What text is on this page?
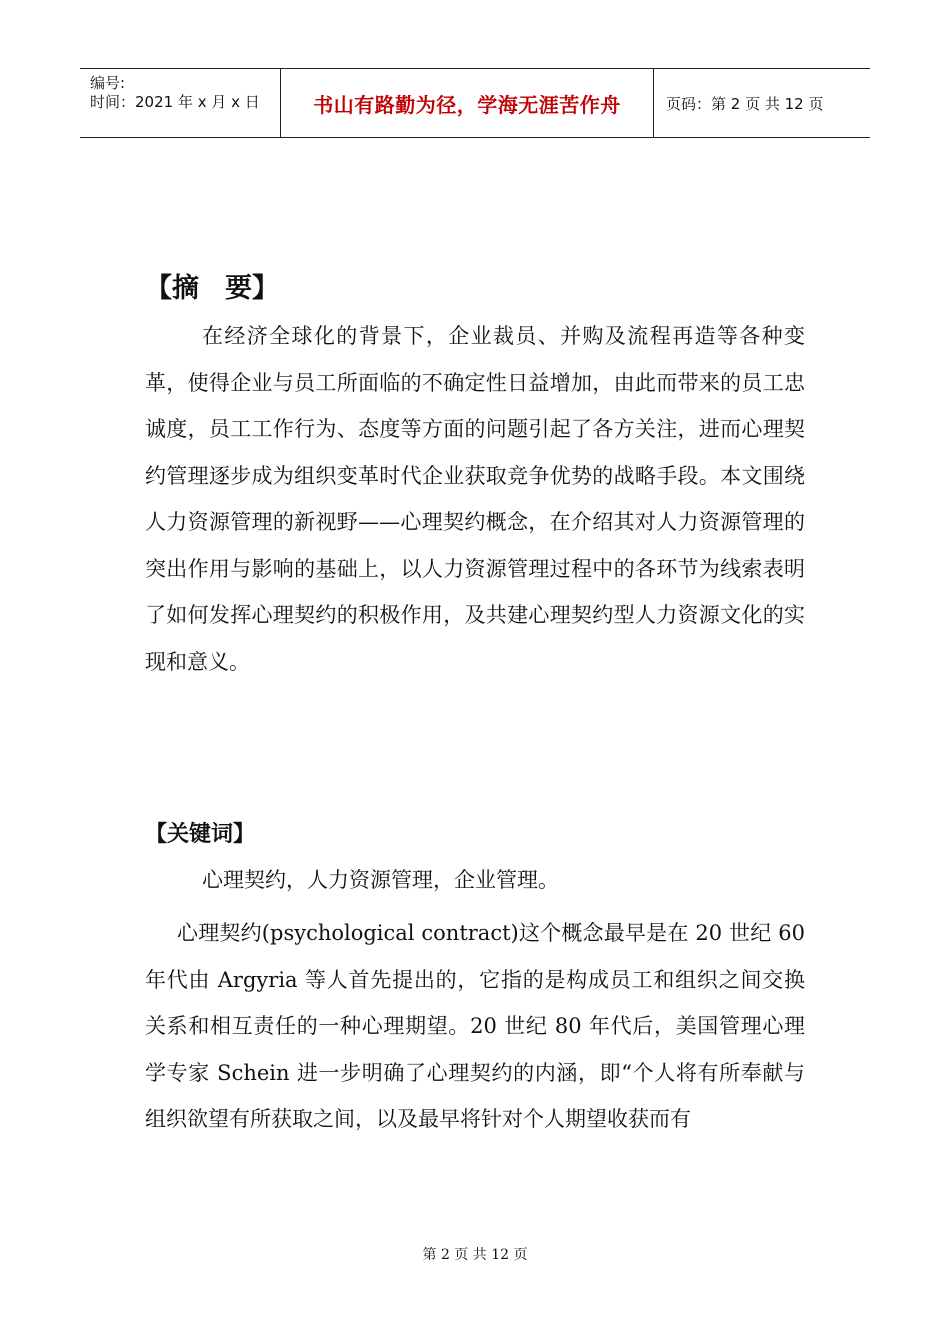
编号:
时间：2021 年 x 月 x 日	书山有路勤为径，学海无涯苦作舟	页码：第 2 页 共 12 页
【摘 要】
在经济全球化的背景下，企业裁员、并购及流程再造等各种变革，使得企业与员工所面临的不确定性日益增加，由此而带来的员工忠诚度，员工工作行为、态度等方面的问题引起了各方关注，进而心理契约管理逐步成为组织变革时代企业获取竞争优势的战略手段。本文围绕人力资源管理的新视野——心理契约概念，在介绍其对人力资源管理的突出作用与影响的基础上，以人力资源管理过程中的各环节为线索表明了如何发挥心理契约的积极作用，及共建心理契约型人力资源文化的实现和意义。
【关键词】
心理契约，人力资源管理，企业管理。
心理契约(psychological contract)这个概念最早是在 20 世纪 60 年代由 Argyria 等人首先提出的，它指的是构成员工和组织之间交换关系和相互责任的一种心理期望。20 世纪 80 年代后，美国管理心理学专家 Schein 进一步明确了心理契约的内涵，即“个人将有所奉献与组织欲望有所获取之间，以及最早将针对个人期望收获而有
第 2 页 共 12 页
